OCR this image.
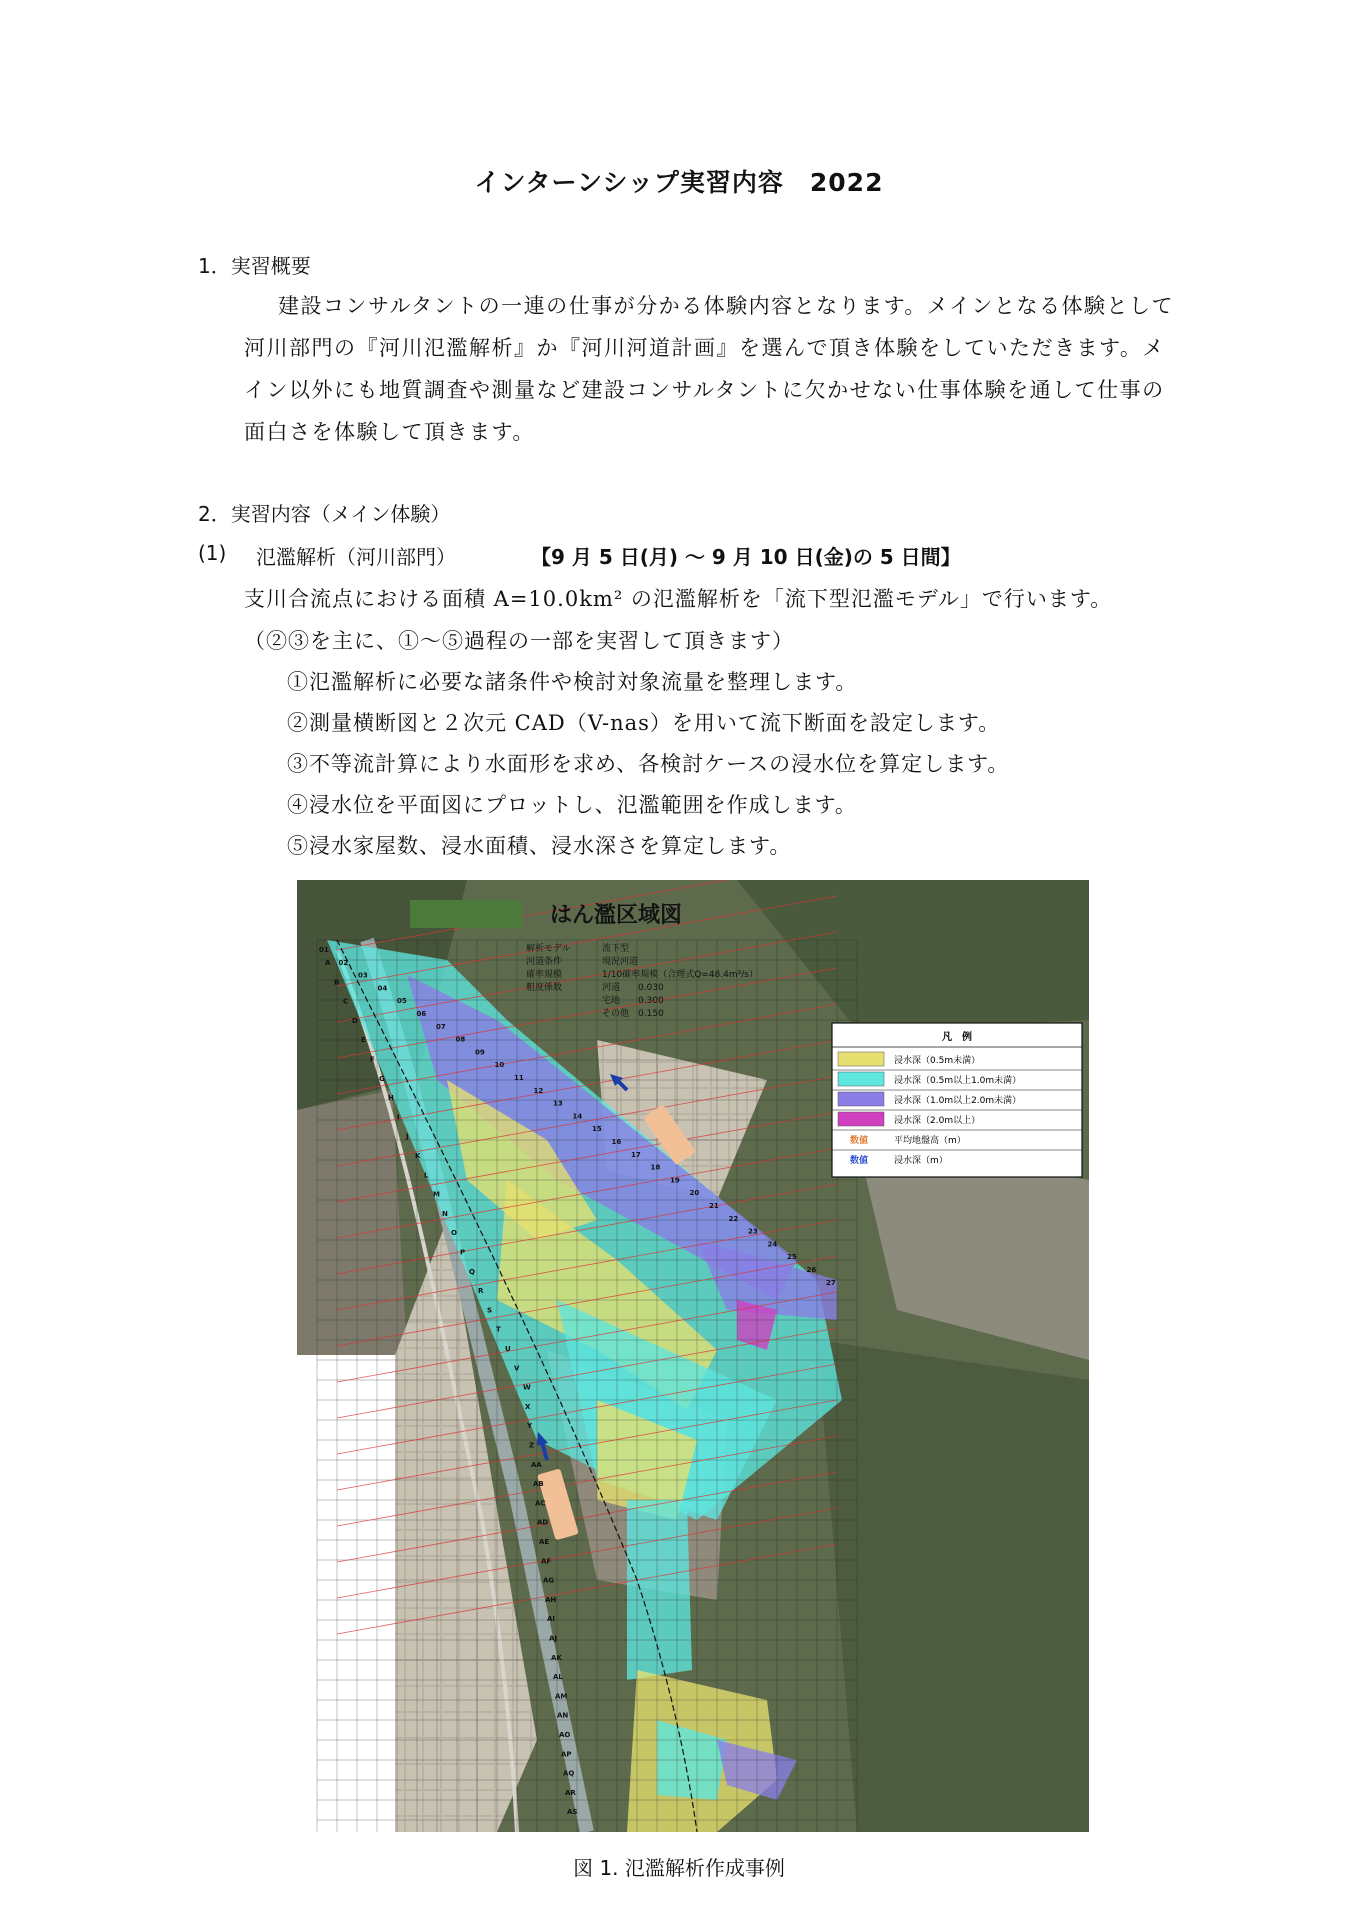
インターンシップ実習内容　2022
1．実習概要
建設コンサルタントの一連の仕事が分かる体験内容となります。メインとなる体験として河川部門の『河川氾濫解析』か『河川河道計画』を選んで頂き体験をしていただきます。メイン以外にも地質調査や測量など建設コンサルタントに欠かせない仕事体験を通して仕事の面白さを体験して頂きます。
2．実習内容（メイン体験）
(1) 氾濫解析（河川部門）	【9 月 5 日(月) ～ 9 月 10 日(金)の 5 日間】
支川合流点における面積 A=10.0km² の氾濫解析を「流下型氾濫モデル」で行います。
（②③を主に、①～⑤過程の一部を実習して頂きます）
①氾濫解析に必要な諸条件や検討対象流量を整理します。
②測量横断図と２次元 CAD（V-nas）を用いて流下断面を設定します。
③不等流計算により水面形を求め、各検討ケースの浸水位を算定します。
④浸水位を平面図にプロットし、氾濫範囲を作成します。
⑤浸水家屋数、浸水面積、浸水深さを算定します。
はん濫区域図
解析モデル	流下型
河道条件	現況河道
確率規模	1/10確率規模（合理式Q=48.4m³/s）
粗度係数	河道　　0.030
宅地　　0.300
その他　0.150
凡　例
浸水深（0.5m未満）
浸水深（0.5m以上1.0m未満）
浸水深（1.0m以上2.0m未満）
浸水深（2.0m以上）
数値	平均地盤高（m）
数値	浸水深（m）
01
02
03
04
05
06
07
08
09
10
11
12
13
14
15
16
17
18
19
20
21
22
23
24
25
26
27
A
B
C
D
E
F
G
H
I
J
K
L
M
N
O
P
Q
R
S
T
U
V
W
X
Y
Z
AA
AB
AC
AD
AE
AF
AG
AH
AI
AJ
AK
AL
AM
AN
AO
AP
AQ
AR
AS
図 1. 氾濫解析作成事例
